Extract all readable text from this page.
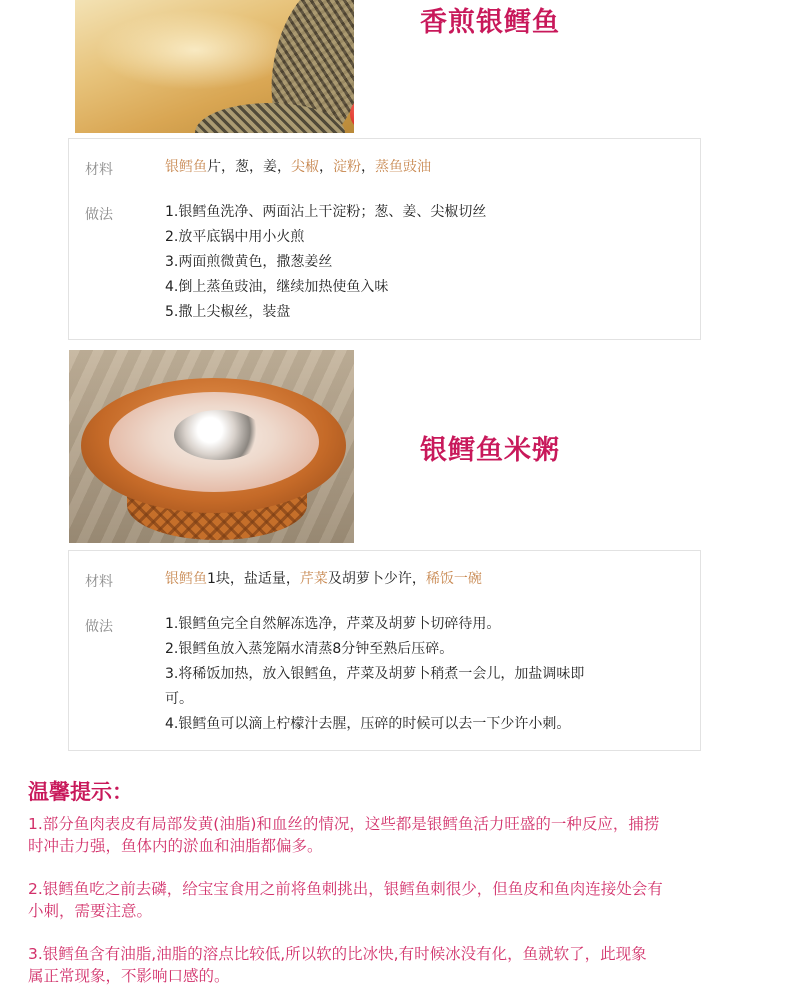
香煎银鳕鱼
材料	银鳕鱼片，葱，姜，尖椒，淀粉，蒸鱼豉油
做法	1.银鳕鱼洗净、两面沾上干淀粉；葱、姜、尖椒切丝
2.放平底锅中用小火煎
3.两面煎微黄色，撒葱姜丝
4.倒上蒸鱼豉油，继续加热使鱼入味
5.撒上尖椒丝，装盘
银鳕鱼米粥
材料	银鳕鱼1块，盐适量，芹菜及胡萝卜少许，稀饭一碗
做法	1.银鳕鱼完全自然解冻选净，芹菜及胡萝卜切碎待用。
2.银鳕鱼放入蒸笼隔水清蒸8分钟至熟后压碎。
3.将稀饭加热，放入银鳕鱼，芹菜及胡萝卜稍煮一会儿，加盐调味即
可。
4.银鳕鱼可以滴上柠檬汁去腥，压碎的时候可以去一下少许小刺。
温馨提示：
1.部分鱼肉表皮有局部发黄(油脂)和血丝的情况，这些都是银鳕鱼活力旺盛的一种反应，捕捞
时冲击力强，鱼体内的淤血和油脂都偏多。
2.银鳕鱼吃之前去磷，给宝宝食用之前将鱼刺挑出，银鳕鱼刺很少，但鱼皮和鱼肉连接处会有
小刺，需要注意。
3.银鳕鱼含有油脂,油脂的溶点比较低,所以软的比冰快,有时候冰没有化，鱼就软了，此现象
属正常现象，不影响口感的。
